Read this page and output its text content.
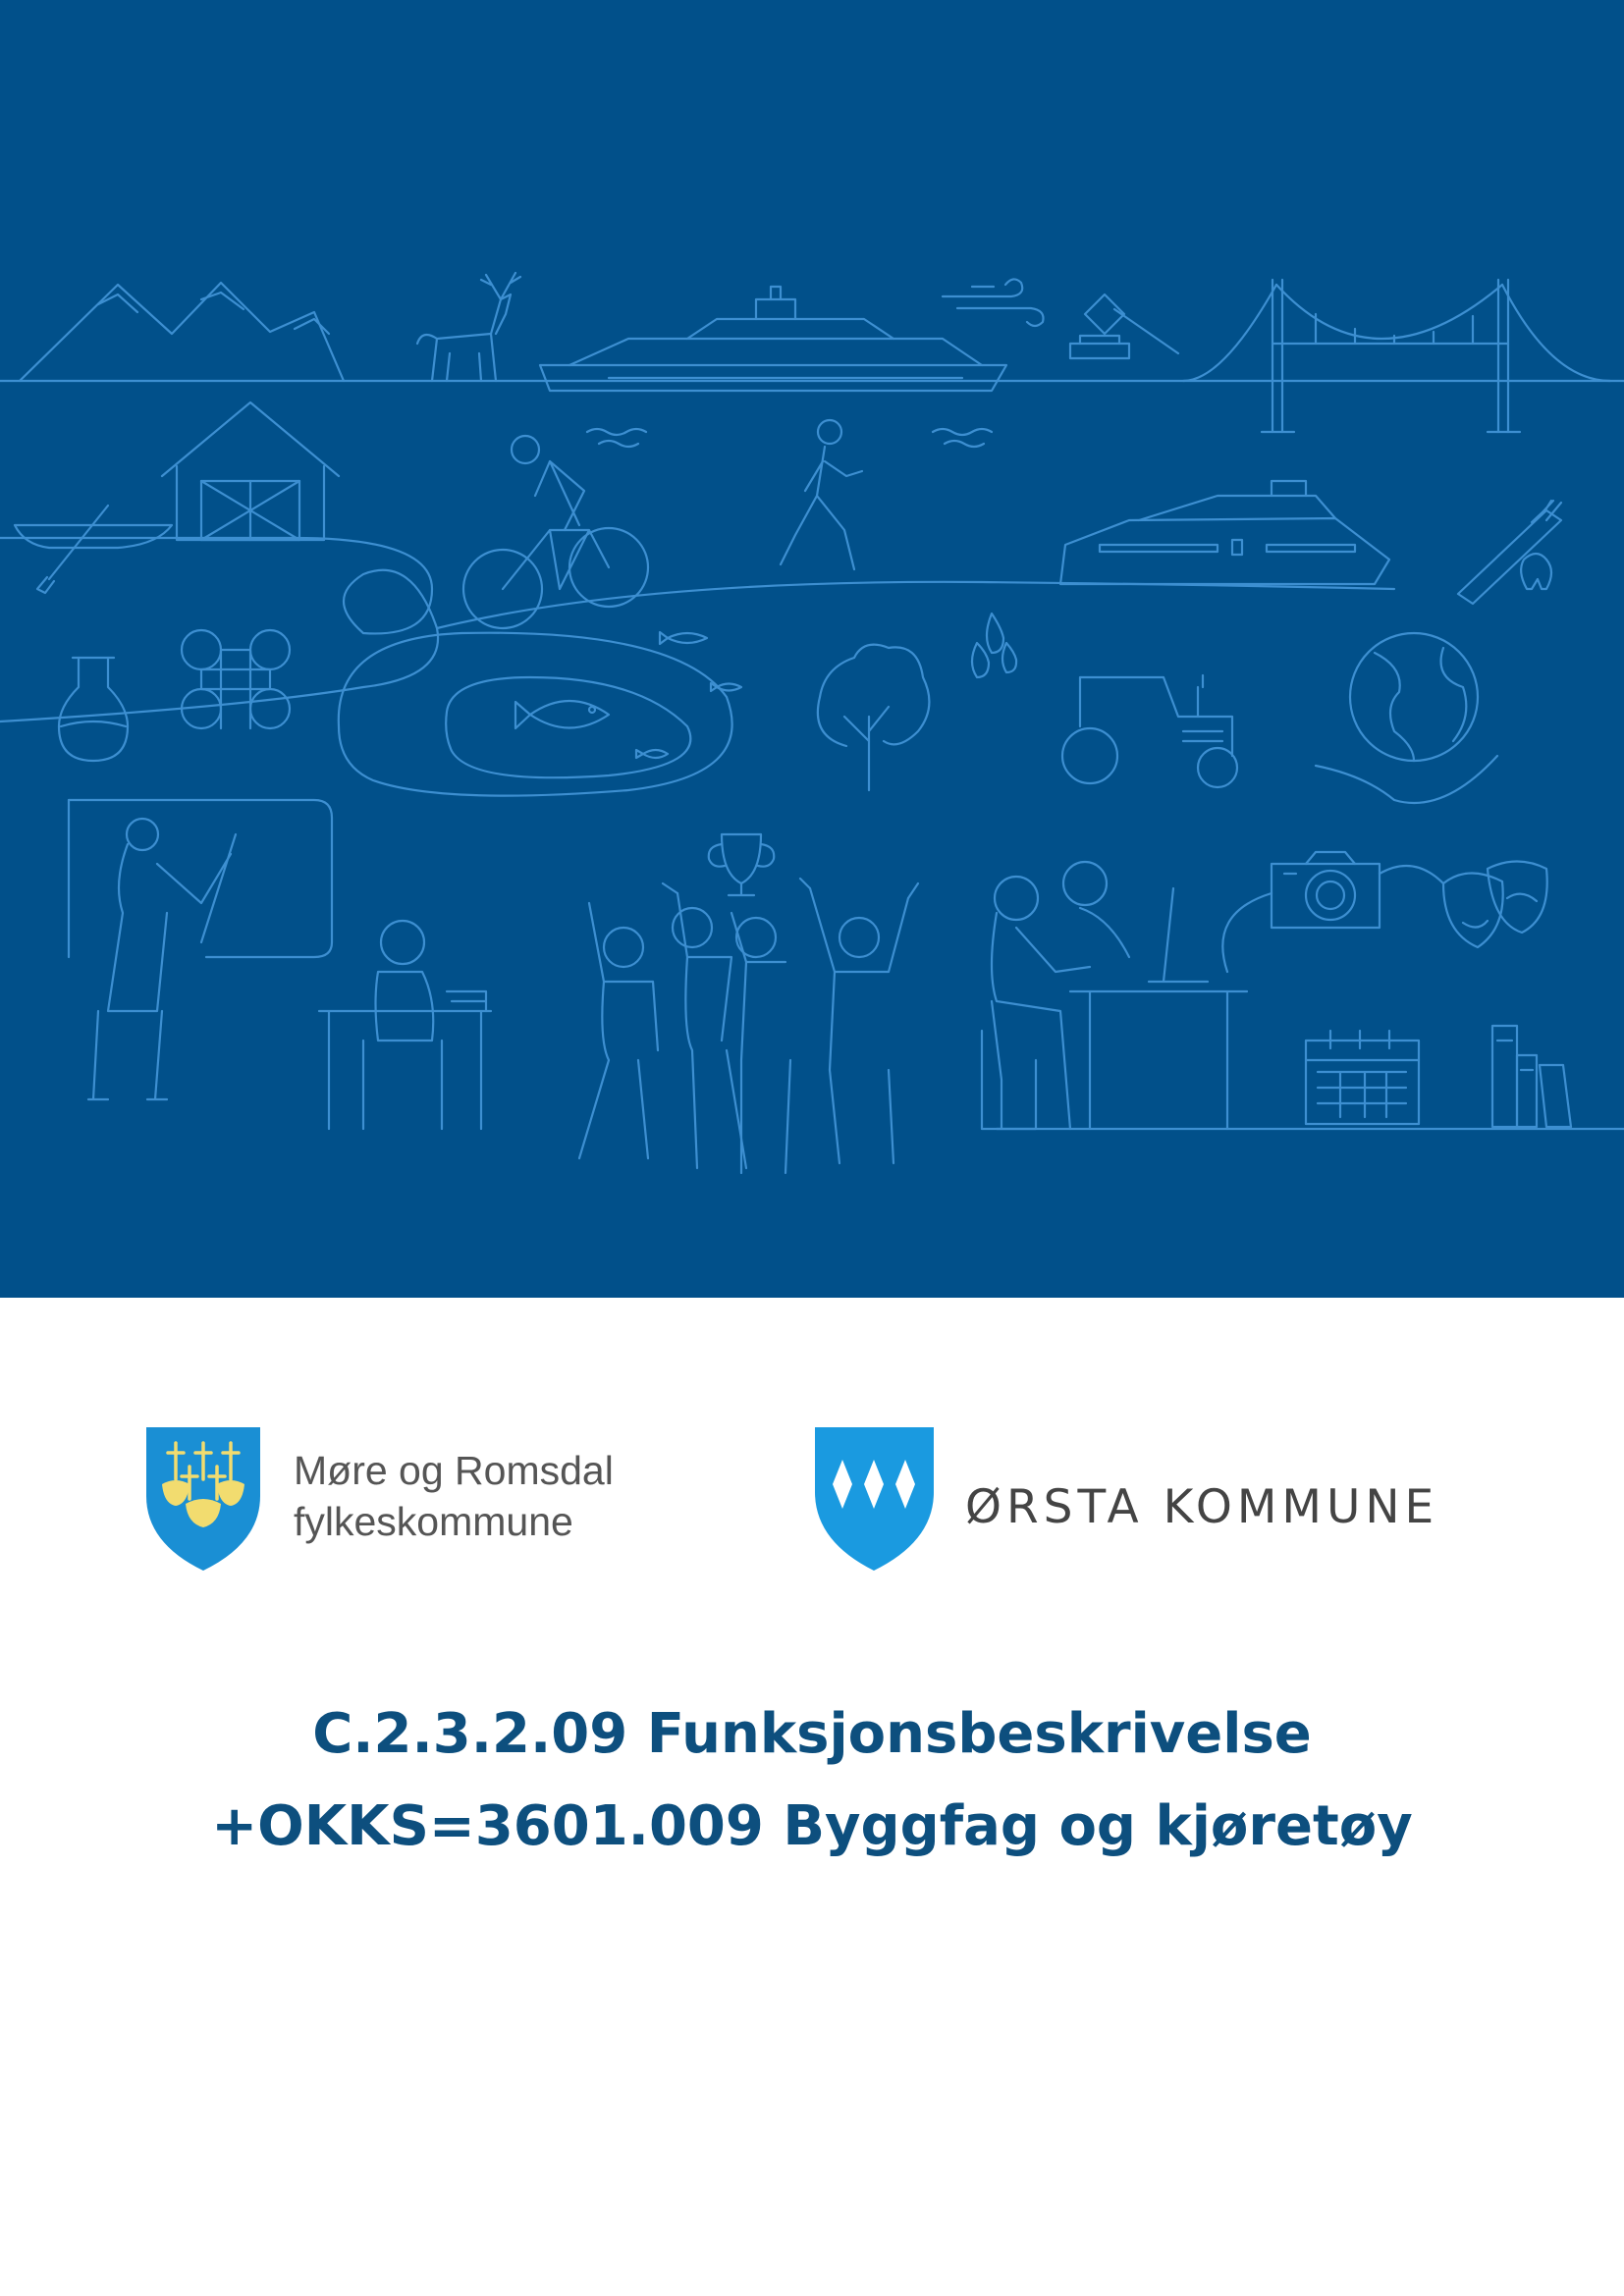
Møre og Romsdal
fylkeskommune	ØRSTA KOMMUNE
C.2.3.2.09 Funksjonsbeskrivelse
+OKKS=3601.009 Byggfag og kjøretøy
